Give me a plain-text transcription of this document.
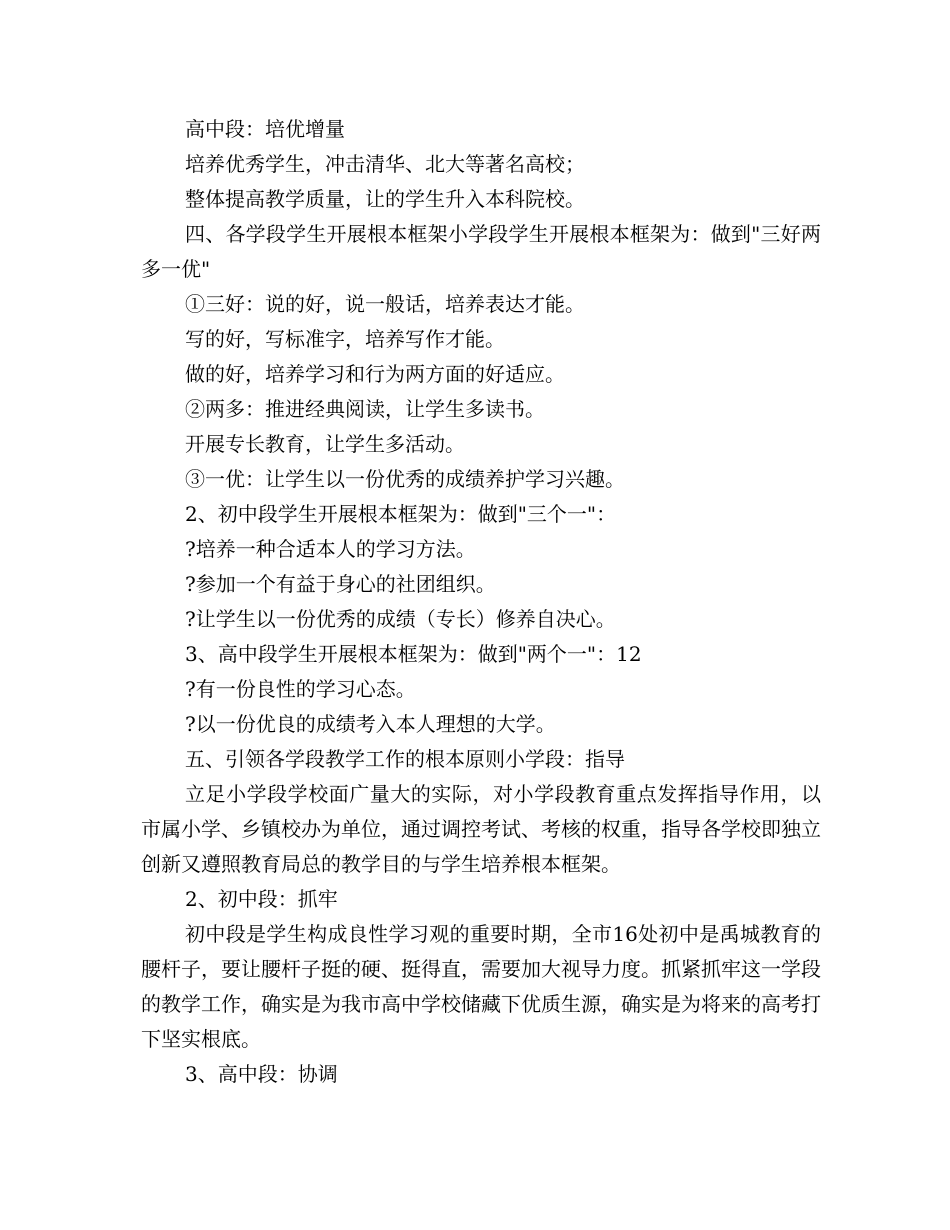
高中段：培优增量

培养优秀学生，冲击清华、北大等著名高校；

整体提高教学质量，让的学生升入本科院校。

四、各学段学生开展根本框架小学段学生开展根本框架为：做到"三好两多一优"

①三好：说的好，说一般话，培养表达才能。

写的好，写标准字，培养写作才能。

做的好，培养学习和行为两方面的好适应。

②两多：推进经典阅读，让学生多读书。

开展专长教育，让学生多活动。

③一优：让学生以一份优秀的成绩养护学习兴趣。

2、初中段学生开展根本框架为：做到"三个一"：

?培养一种合适本人的学习方法。

?参加一个有益于身心的社团组织。

?让学生以一份优秀的成绩（专长）修养自决心。

3、高中段学生开展根本框架为：做到"两个一"：12

?有一份良性的学习心态。

?以一份优良的成绩考入本人理想的大学。

五、引领各学段教学工作的根本原则小学段：指导

立足小学段学校面广量大的实际，对小学段教育重点发挥指导作用，以市属小学、乡镇校办为单位，通过调控考试、考核的权重，指导各学校即独立创新又遵照教育局总的教学目的与学生培养根本框架。

2、初中段：抓牢

初中段是学生构成良性学习观的重要时期，全市16处初中是禹城教育的腰杆子，要让腰杆子挺的硬、挺得直，需要加大视导力度。抓紧抓牢这一学段的教学工作，确实是为我市高中学校储藏下优质生源，确实是为将来的高考打下坚实根底。

3、高中段：协调
